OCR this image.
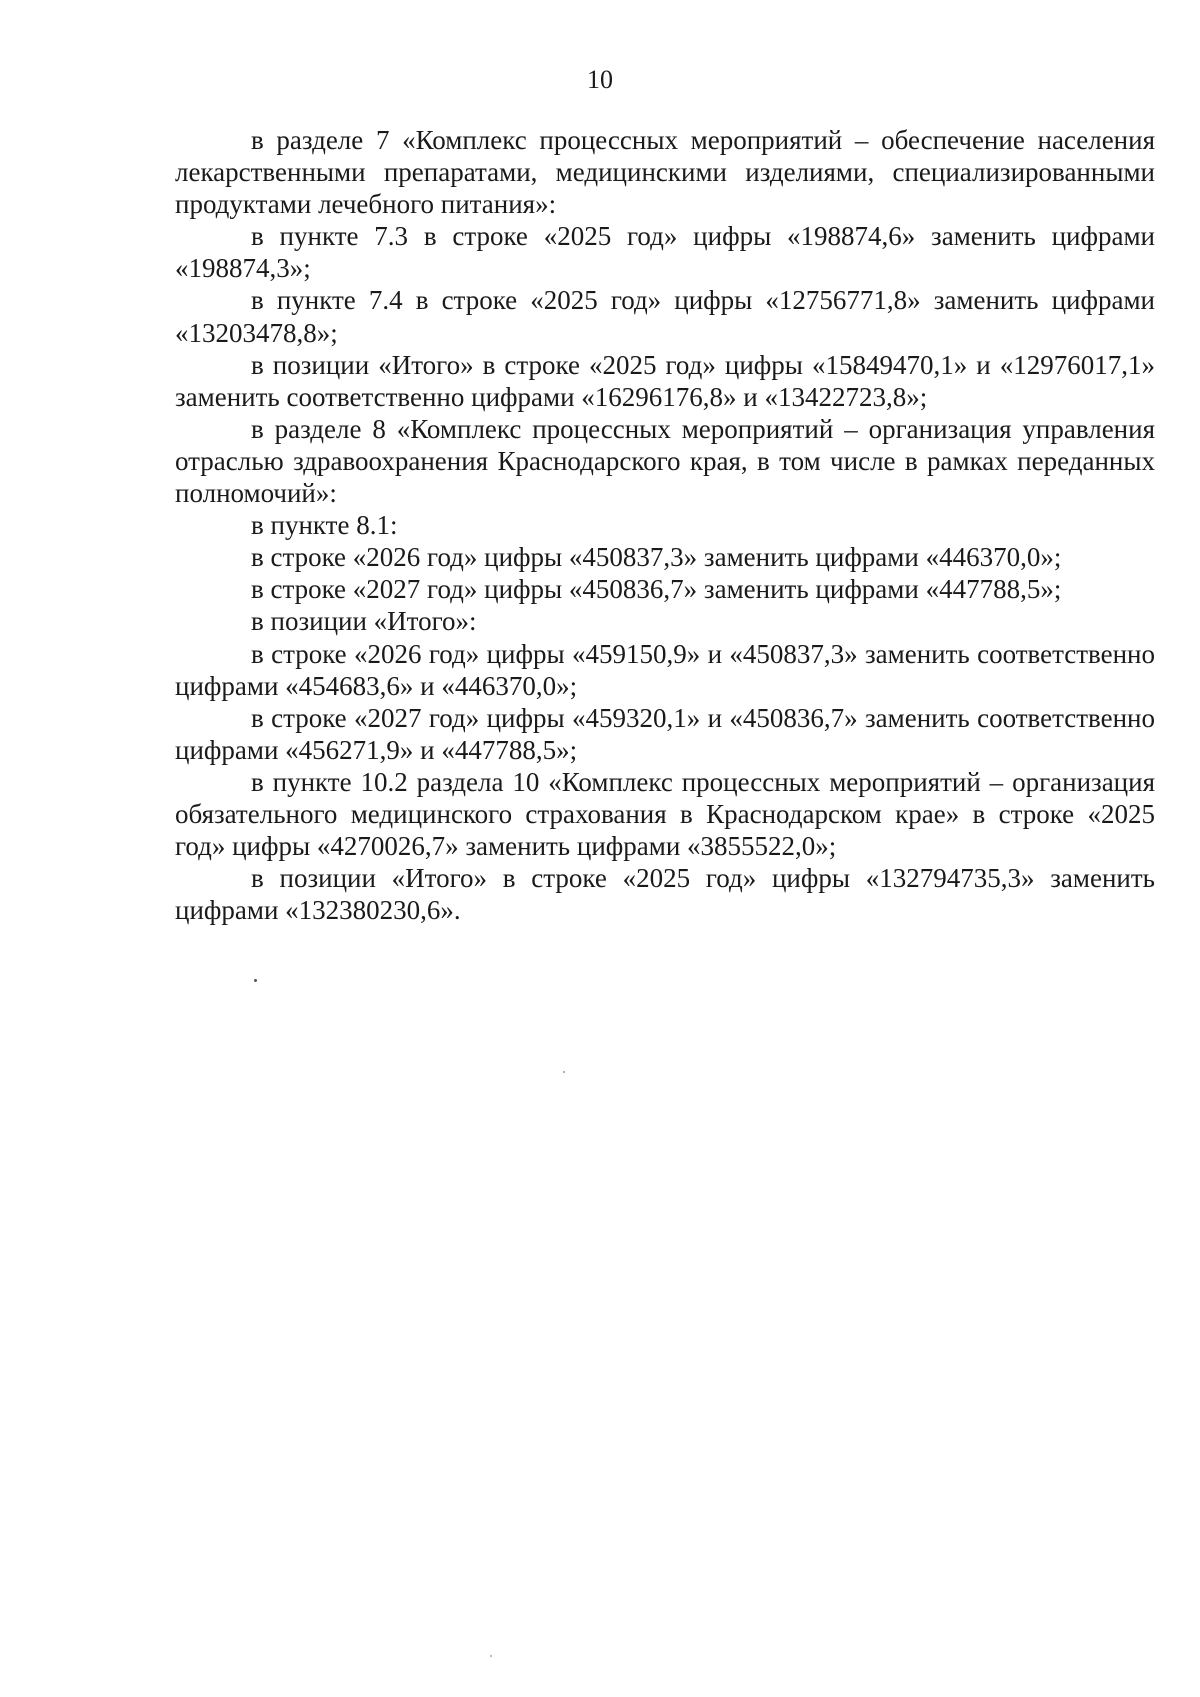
10

в разделе 7 «Комплекс процессных мероприятий – обеспечение населения лекарственными препаратами, медицинскими изделиями, специализированными продуктами лечебного питания»:

в пункте 7.3 в строке «2025 год» цифры «198874,6» заменить цифрами «198874,3»;

в пункте 7.4 в строке «2025 год» цифры «12756771,8» заменить цифрами «13203478,8»;

в позиции «Итого» в строке «2025 год» цифры «15849470,1» и «12976017,1» заменить соответственно цифрами «16296176,8» и «13422723,8»;

в разделе 8 «Комплекс процессных мероприятий – организация управления отраслью здравоохранения Краснодарского края, в том числе в рамках переданных полномочий»:

в пункте 8.1:

в строке «2026 год» цифры «450837,3» заменить цифрами «446370,0»;

в строке «2027 год» цифры «450836,7» заменить цифрами «447788,5»;

в позиции «Итого»:

в строке «2026 год» цифры «459150,9» и «450837,3» заменить соответственно цифрами «454683,6» и «446370,0»;

в строке «2027 год» цифры «459320,1» и «450836,7» заменить соответственно цифрами «456271,9» и «447788,5»;

в пункте 10.2 раздела 10 «Комплекс процессных мероприятий – организация обязательного медицинского страхования в Краснодарском крае» в строке «2025 год» цифры «4270026,7» заменить цифрами «3855522,0»;

в позиции «Итого» в строке «2025 год» цифры «132794735,3» заменить цифрами «132380230,6».
